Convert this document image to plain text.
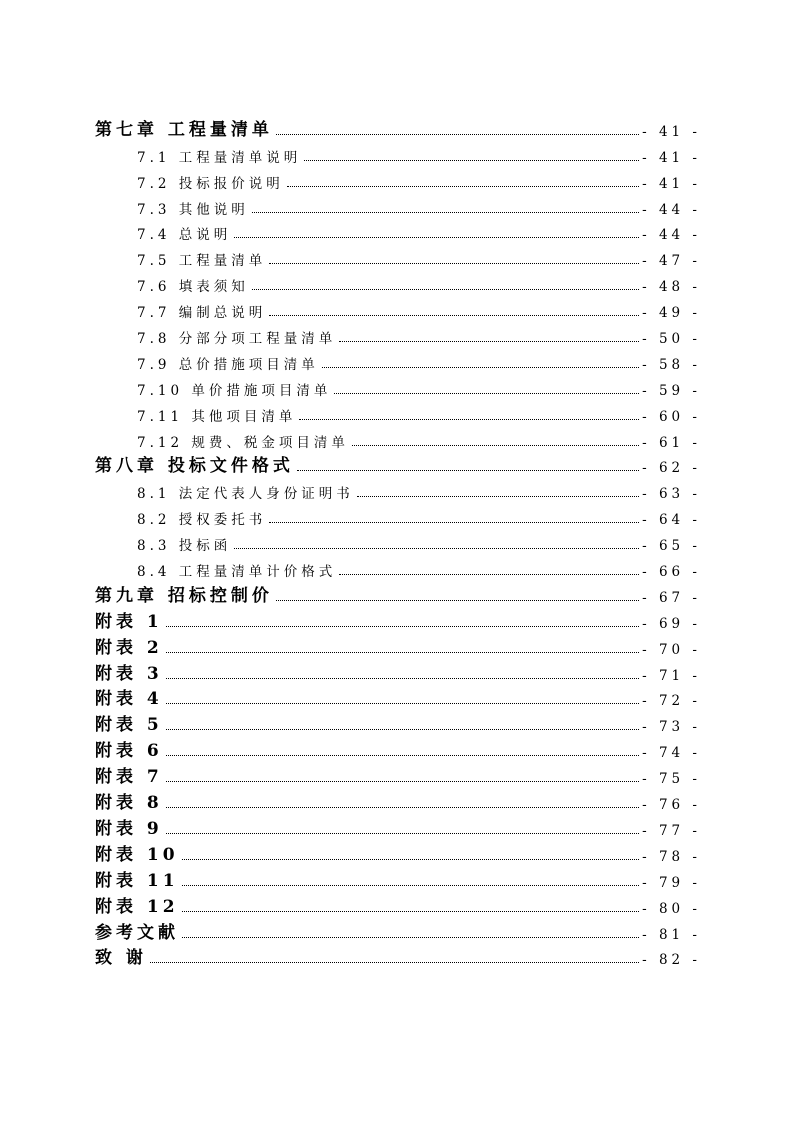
第七章 工程量清单	- 41 -
7.1 工程量清单说明	- 41 -
7.2 投标报价说明	- 41 -
7.3 其他说明	- 44 -
7.4 总说明	- 44 -
7.5 工程量清单	- 47 -
7.6 填表须知	- 48 -
7.7 编制总说明	- 49 -
7.8 分部分项工程量清单	- 50 -
7.9 总价措施项目清单	- 58 -
7.10 单价措施项目清单	- 59 -
7.11 其他项目清单	- 60 -
7.12 规费、税金项目清单	- 61 -
第八章 投标文件格式	- 62 -
8.1 法定代表人身份证明书	- 63 -
8.2 授权委托书	- 64 -
8.3 投标函	- 65 -
8.4 工程量清单计价格式	- 66 -
第九章 招标控制价	- 67 -
附表 1	- 69 -
附表 2	- 70 -
附表 3	- 71 -
附表 4	- 72 -
附表 5	- 73 -
附表 6	- 74 -
附表 7	- 75 -
附表 8	- 76 -
附表 9	- 77 -
附表 10	- 78 -
附表 11	- 79 -
附表 12	- 80 -
参考文献	- 81 -
致 谢	- 82 -
